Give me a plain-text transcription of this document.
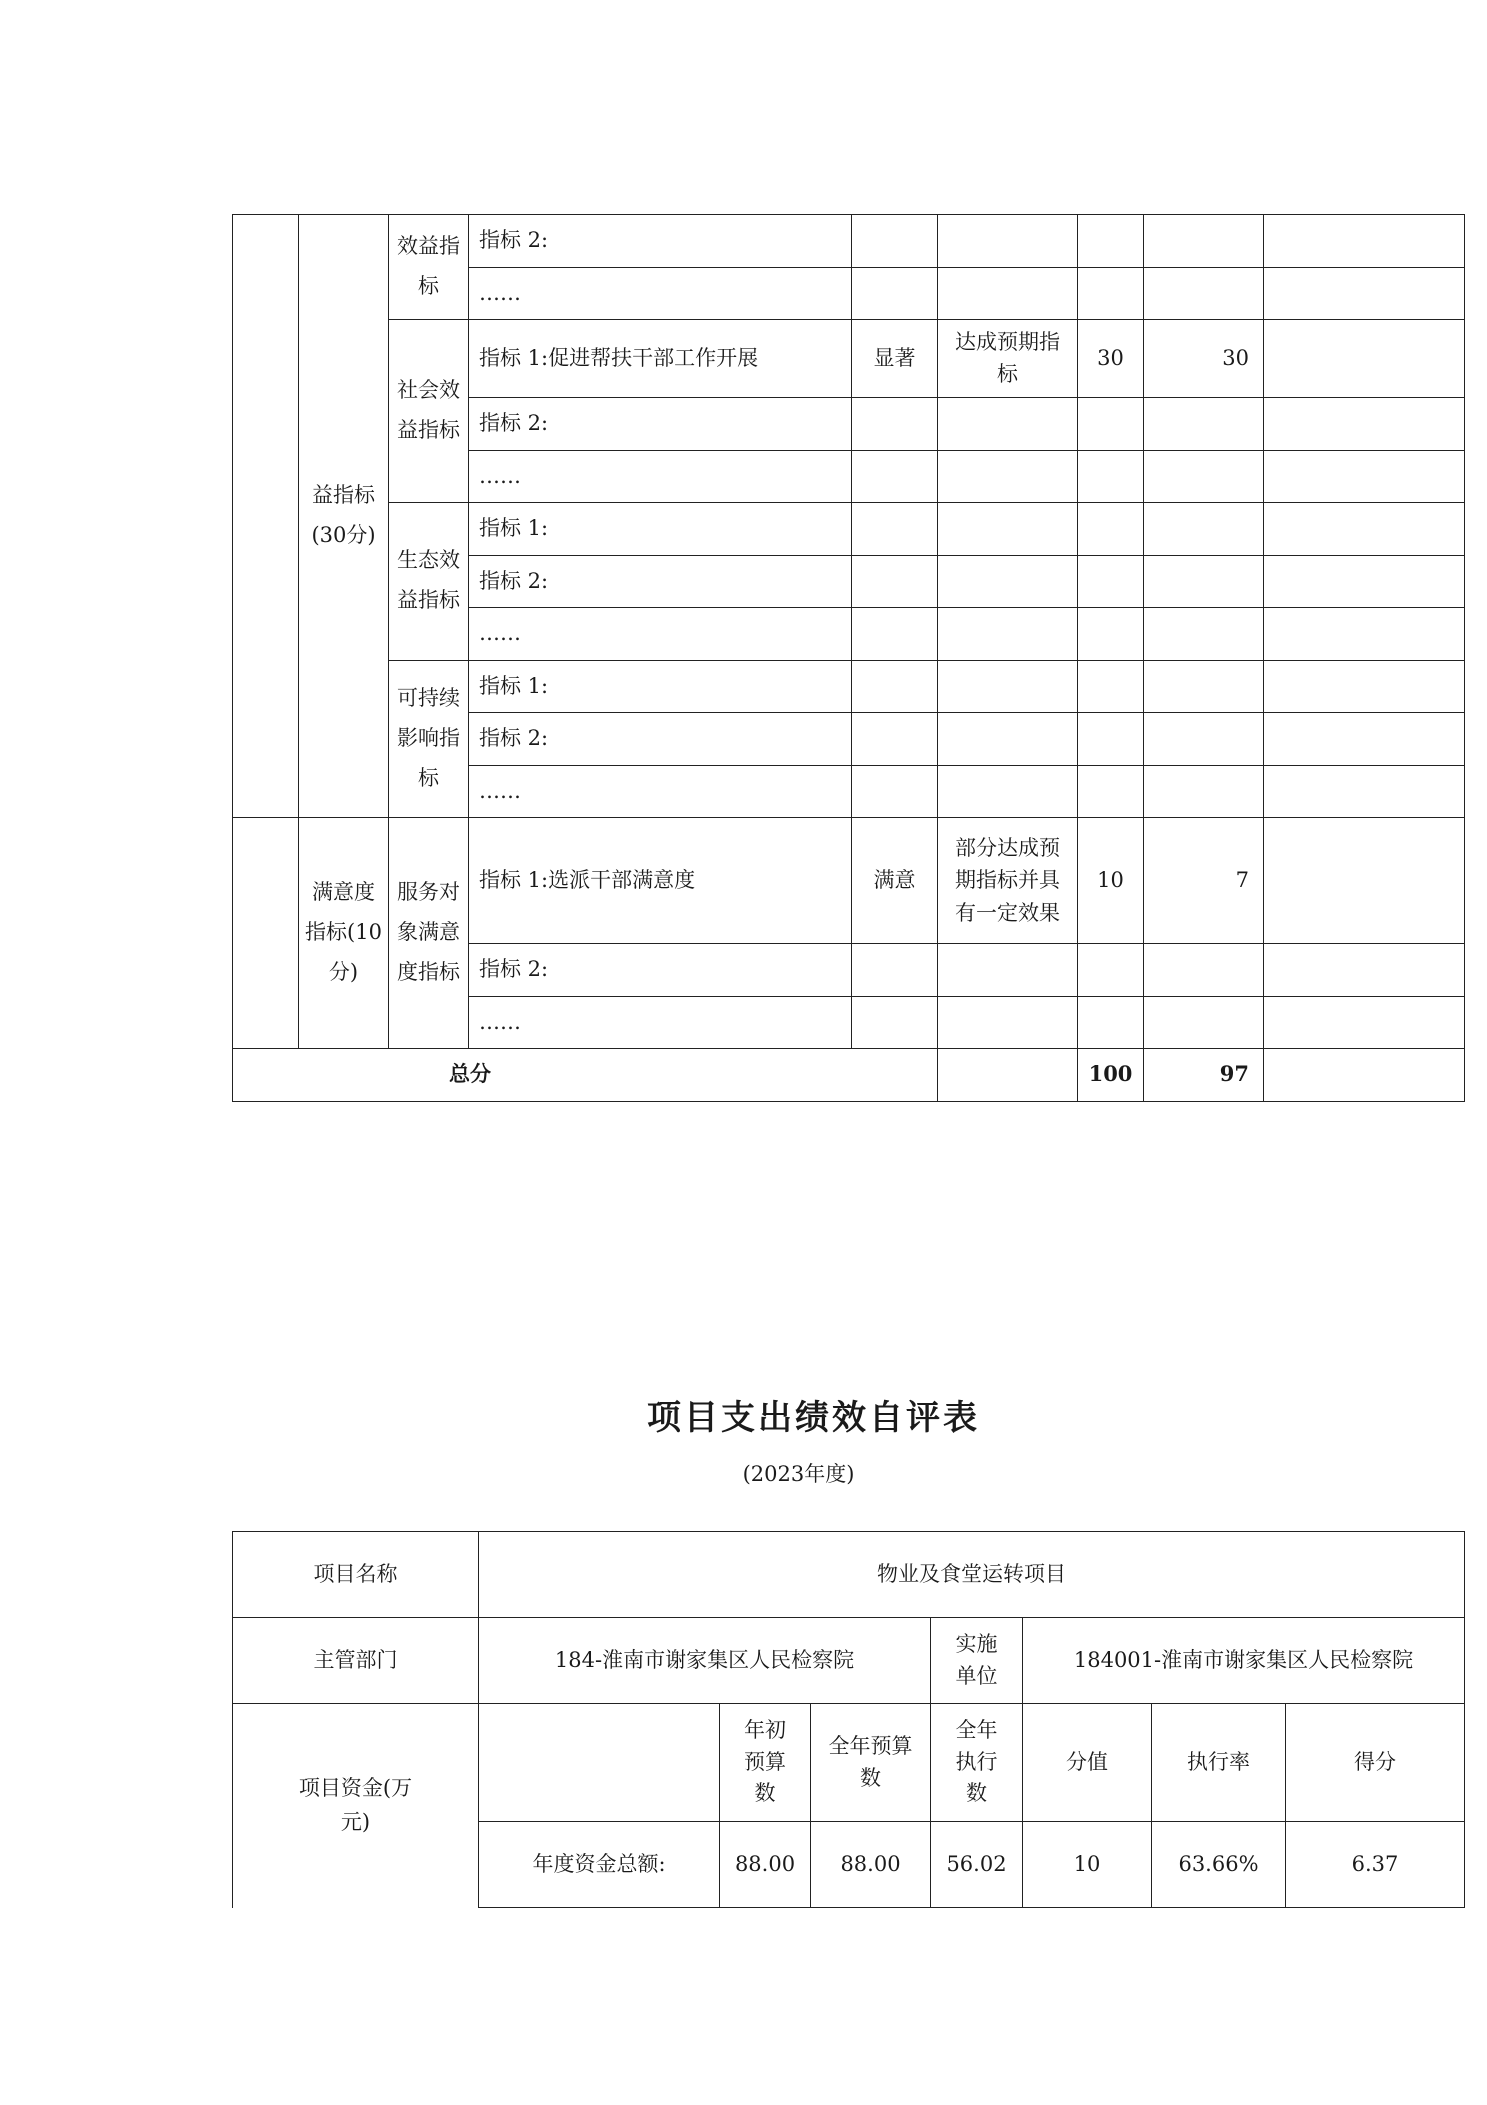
	益指标(30分)	效益指标	指标 2:					
			……					
		社会效益指标	指标 1:促进帮扶干部工作开展	显著	达成预期指标	30	30	
			指标 2:					
			……					
		生态效益指标	指标 1:					
			指标 2:					
			……					
		可持续影响指标	指标 1:					
			指标 2:					
			……					
	满意度指标(10分)	服务对象满意度指标	指标 1:选派干部满意度	满意	部分达成预期指标并具有一定效果	10	7	
			指标 2:					
			……					
总分						100	97	
项目支出绩效自评表
(2023年度)
项目名称	物业及食堂运转项目						
主管部门	184-淮南市谢家集区人民检察院			实施单位	184001-淮南市谢家集区人民检察院		
项目资金(万元)		年初预算数	全年预算数	全年执行数	分值	执行率	得分
	年度资金总额:	88.00	88.00	56.02	10	63.66%	6.37
